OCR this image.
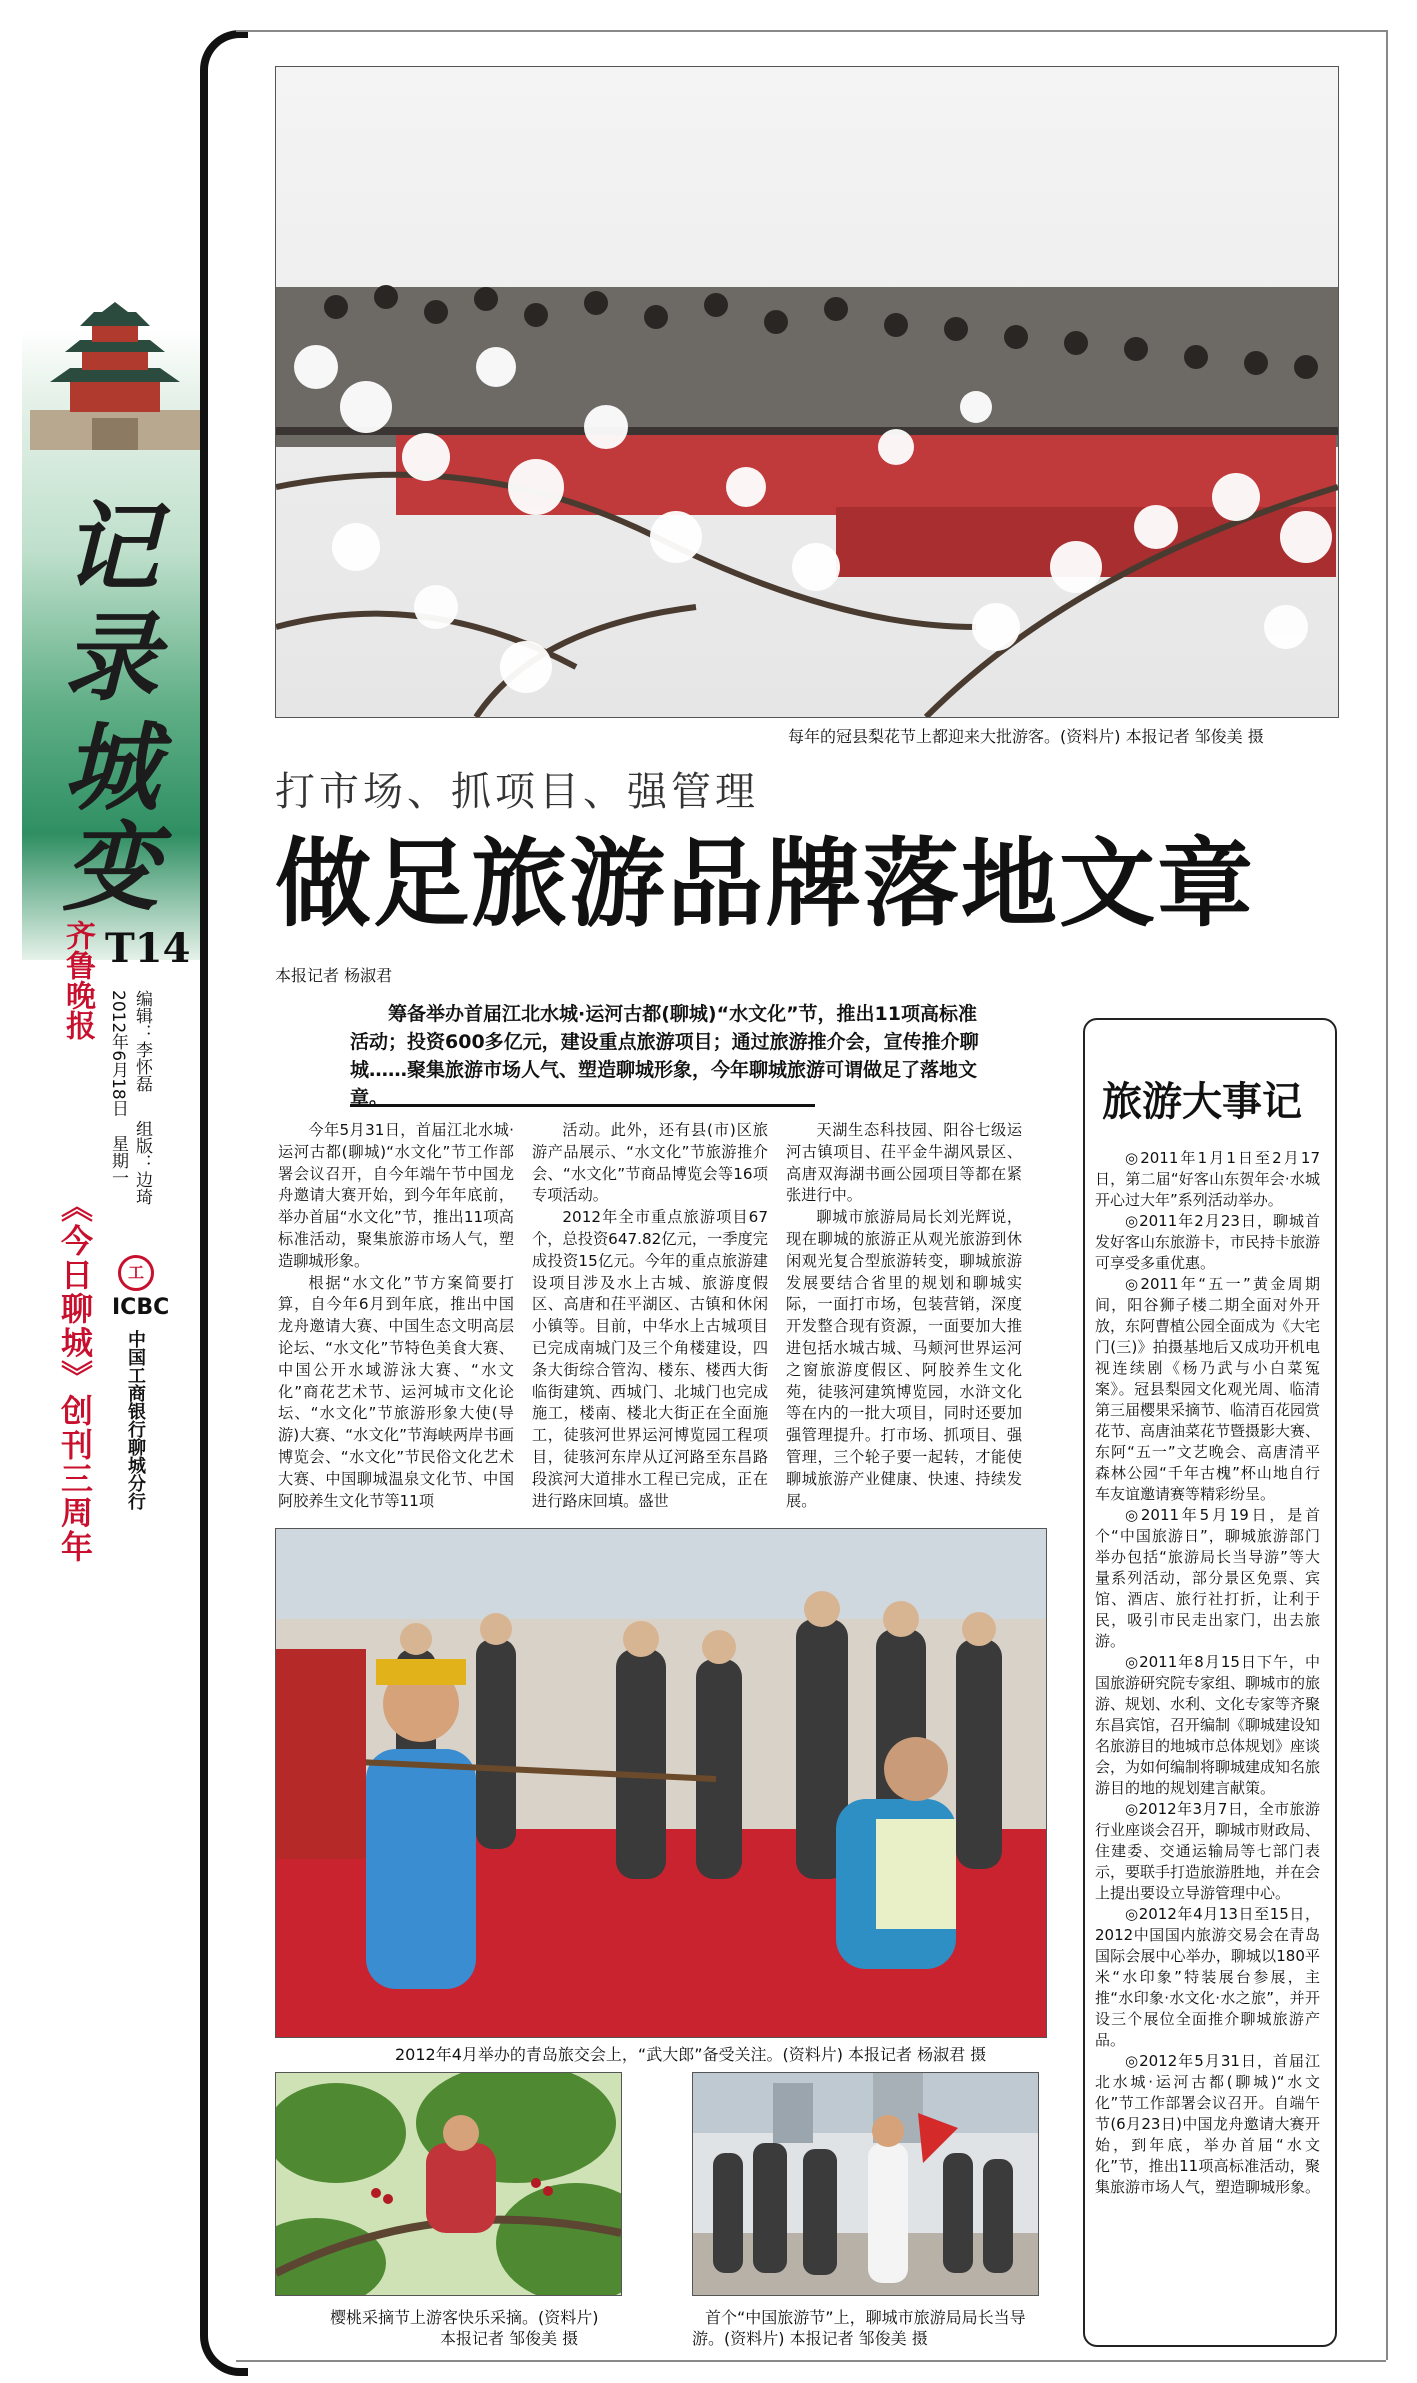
记
录
城
变
齐鲁晚报
《今日聊城》创刊三周年
T14
2012年6月18日
星期一
编辑：李怀磊
组版：边琦
工
ICBC
中国工商银行聊城分行
每年的冠县梨花节上都迎来大批游客。(资料片) 本报记者 邹俊美 摄
打市场、抓项目、强管理
做足旅游品牌落地文章
本报记者 杨淑君
筹备举办首届江北水城·运河古都(聊城)“水文化”节，推出11项高标准活动；投资600多亿元，建设重点旅游项目；通过旅游推介会，宣传推介聊城……聚集旅游市场人气、塑造聊城形象，今年聊城旅游可谓做足了落地文章。

今年5月31日，首届江北水城·运河古都(聊城)“水文化”节工作部署会议召开，自今年端午节中国龙舟邀请大赛开始，到今年年底前，举办首届“水文化”节，推出11项高标准活动，聚集旅游市场人气，塑造聊城形象。

根据“水文化”节方案简要打算，自今年6月到年底，推出中国龙舟邀请大赛、中国生态文明高层论坛、“水文化”节特色美食大赛、中国公开水域游泳大赛、“水文化”商花艺术节、运河城市文化论坛、“水文化”节旅游形象大使(导游)大赛、“水文化”节海峡两岸书画博览会、“水文化”节民俗文化艺术大赛、中国聊城温泉文化节、中国阿胶养生文化节等11项

活动。此外，还有县(市)区旅游产品展示、“水文化”节旅游推介会、“水文化”节商品博览会等16项专项活动。

2012年全市重点旅游项目67个，总投资647.82亿元，一季度完成投资15亿元。今年的重点旅游建设项目涉及水上古城、旅游度假区、高唐和茌平湖区、古镇和休闲小镇等。目前，中华水上古城项目已完成南城门及三个角楼建设，四条大街综合管沟、楼东、楼西大街临街建筑、西城门、北城门也完成施工，楼南、楼北大街正在全面施工，徒骇河世界运河博览园工程项目，徒骇河东岸从辽河路至东昌路段滨河大道排水工程已完成，正在进行路床回填。盛世

天湖生态科技园、阳谷七级运河古镇项目、茌平金牛湖风景区、高唐双海湖书画公园项目等都在紧张进行中。

聊城市旅游局局长刘光辉说，现在聊城的旅游正从观光旅游到休闲观光复合型旅游转变，聊城旅游发展要结合省里的规划和聊城实际，一面打市场，包装营销，深度开发整合现有资源，一面要加大推进包括水城古城、马颊河世界运河之窗旅游度假区、阿胶养生文化苑，徒骇河建筑博览园，水浒文化等在内的一批大项目，同时还要加强管理提升。打市场、抓项目、强管理，三个轮子要一起转，才能使聊城旅游产业健康、快速、持续发展。

2012年4月举办的青岛旅交会上，“武大郎”备受关注。(资料片) 本报记者 杨淑君 摄
樱桃采摘节上游客快乐采摘。(资料片)
本报记者 邹俊美 摄
首个“中国旅游节”上，聊城市旅游局局长当导
游。(资料片) 本报记者 邹俊美 摄
旅游大事记

◎2011年1月1日至2月17日，第二届“好客山东贺年会·水城开心过大年”系列活动举办。

◎2011年2月23日，聊城首发好客山东旅游卡，市民持卡旅游可享受多重优惠。

◎2011年“五一”黄金周期间，阳谷狮子楼二期全面对外开放，东阿曹植公园全面成为《大宅门(三)》拍摄基地后又成功开机电视连续剧《杨乃武与小白菜冤案》。冠县梨园文化观光周、临清第三届樱果采摘节、临清百花园赏花节、高唐油菜花节暨摄影大赛、东阿“五一”文艺晚会、高唐清平森林公园“千年古槐”杯山地自行车友谊邀请赛等精彩纷呈。

◎2011年5月19日，是首个“中国旅游日”，聊城旅游部门举办包括“旅游局长当导游”等大量系列活动，部分景区免票、宾馆、酒店、旅行社打折，让利于民，吸引市民走出家门，出去旅游。

◎2011年8月15日下午，中国旅游研究院专家组、聊城市的旅游、规划、水利、文化专家等齐聚东昌宾馆，召开编制《聊城建设知名旅游目的地城市总体规划》座谈会，为如何编制将聊城建成知名旅游目的地的规划建言献策。

◎2012年3月7日，全市旅游行业座谈会召开，聊城市财政局、住建委、交通运输局等七部门表示，要联手打造旅游胜地，并在会上提出要设立导游管理中心。

◎2012年4月13日至15日，2012中国国内旅游交易会在青岛国际会展中心举办，聊城以180平米“水印象”特装展台参展，主推“水印象·水文化·水之旅”，并开设三个展位全面推介聊城旅游产品。

◎2012年5月31日，首届江北水城·运河古都(聊城)“水文化”节工作部署会议召开。自端午节(6月23日)中国龙舟邀请大赛开始，到年底，举办首届“水文化”节，推出11项高标准活动，聚集旅游市场人气，塑造聊城形象。
